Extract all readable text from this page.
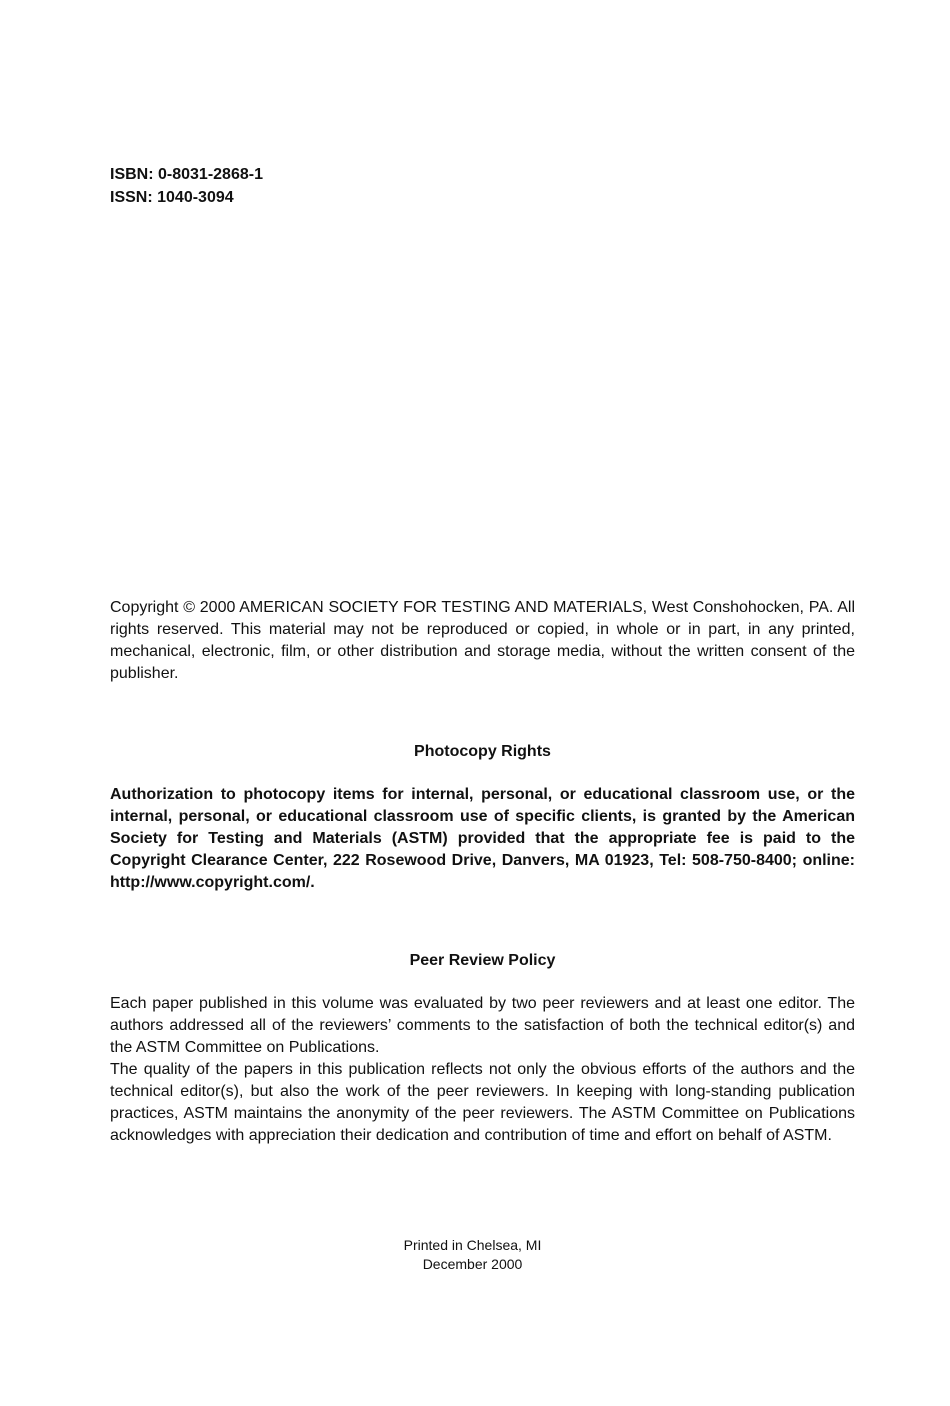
ISBN: 0-8031-2868-1
ISSN: 1040-3094
Copyright © 2000 AMERICAN SOCIETY FOR TESTING AND MATERIALS, West Conshohocken, PA. All rights reserved. This material may not be reproduced or copied, in whole or in part, in any printed, mechanical, electronic, film, or other distribution and storage media, without the written consent of the publisher.
Photocopy Rights
Authorization to photocopy items for internal, personal, or educational classroom use, or the internal, personal, or educational classroom use of specific clients, is granted by the American Society for Testing and Materials (ASTM) provided that the appropriate fee is paid to the Copyright Clearance Center, 222 Rosewood Drive, Danvers, MA 01923, Tel: 508-750-8400; online: http://www.copyright.com/.
Peer Review Policy

Each paper published in this volume was evaluated by two peer reviewers and at least one editor. The authors addressed all of the reviewers’ comments to the satisfaction of both the technical editor(s) and the ASTM Committee on Publications.

The quality of the papers in this publication reflects not only the obvious efforts of the authors and the technical editor(s), but also the work of the peer reviewers. In keeping with long-standing publication practices, ASTM maintains the anonymity of the peer reviewers. The ASTM Committee on Publications acknowledges with appreciation their dedication and contribution of time and effort on behalf of ASTM.

Printed in Chelsea, MI
December 2000
